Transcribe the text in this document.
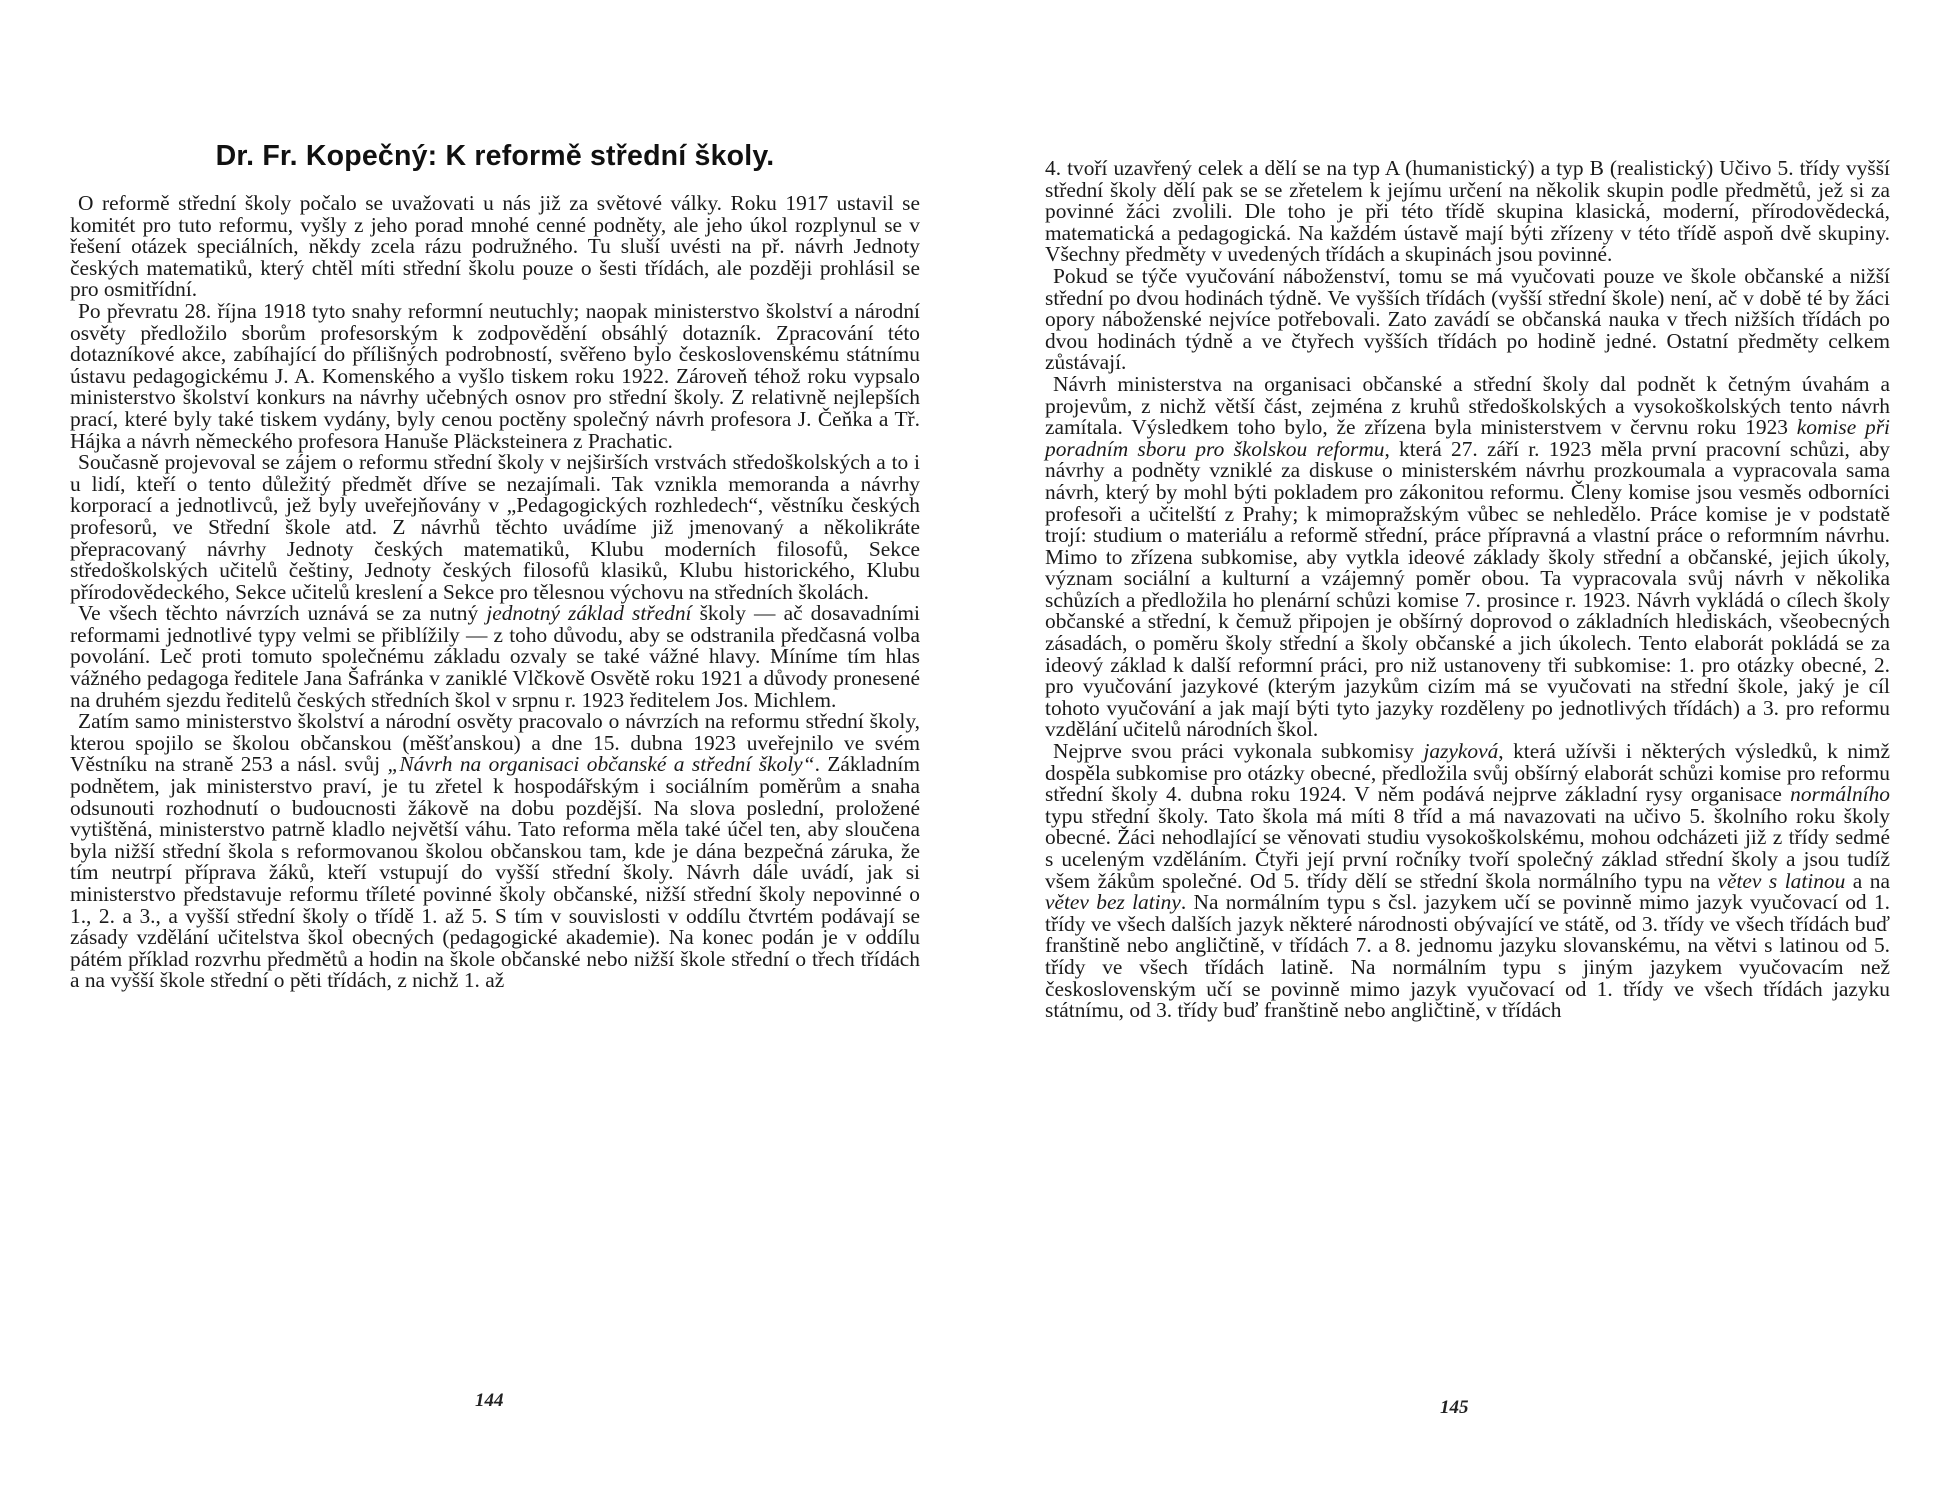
Dr. Fr. Kopečný: K reformě střední školy.

O reformě střední školy počalo se uvažovati u nás již za světové války. Roku 1917 ustavil se komitét pro tuto reformu, vyšly z jeho porad mnohé cenné podněty, ale jeho úkol rozplynul se v řešení otázek speciálních, někdy zcela rázu podružného. Tu sluší uvésti na př. návrh Jednoty českých matematiků, který chtěl míti střední školu pouze o šesti třídách, ale později prohlásil se pro osmitřídní.

Po převratu 28. října 1918 tyto snahy reformní neutuchly; naopak ministerstvo školství a národní osvěty předložilo sborům profesorským k zodpovědění obsáhlý dotazník. Zpracování této dotazníkové akce, zabíhající do přílišných podrobností, svěřeno bylo československému státnímu ústavu pedagogickému J. A. Komenského a vyšlo tiskem roku 1922. Zároveň téhož roku vypsalo ministerstvo školství konkurs na návrhy učebných osnov pro střední školy. Z relativně nejlepších prací, které byly také tiskem vydány, byly cenou poctěny společný návrh profesora J. Čeňka a Tř. Hájka a návrh německého profesora Hanuše Pläcksteinera z Prachatic.

Současně projevoval se zájem o reformu střední školy v nejširších vrstvách středoškolských a to i u lidí, kteří o tento důležitý předmět dříve se nezajímali. Tak vznikla memoranda a návrhy korporací a jednotlivců, jež byly uveřejňovány v „Pedagogických rozhledech“, věstníku českých profesorů, ve Střední škole atd. Z návrhů těchto uvádíme již jmenovaný a několikráte přepracovaný návrhy Jednoty českých matematiků, Klubu moderních filosofů, Sekce středoškolských učitelů češtiny, Jednoty českých filosofů klasiků, Klubu historického, Klubu přírodovědeckého, Sekce učitelů kreslení a Sekce pro tělesnou výchovu na středních školách.

Ve všech těchto návrzích uznává se za nutný jednotný základ střední školy — ač dosavadními reformami jednotlivé typy velmi se přiblížily — z toho důvodu, aby se odstranila předčasná volba povolání. Leč proti tomuto společnému základu ozvaly se také vážné hlavy. Míníme tím hlas vážného pedagoga ředitele Jana Šafránka v zaniklé Vlčkově Osvětě roku 1921 a důvody pronesené na druhém sjezdu ředitelů českých středních škol v srpnu r. 1923 ředitelem Jos. Michlem.

Zatím samo ministerstvo školství a národní osvěty pracovalo o návrzích na reformu střední školy, kterou spojilo se školou občanskou (měšťanskou) a dne 15. dubna 1923 uveřejnilo ve svém Věstníku na straně 253 a násl. svůj „Návrh na organisaci občanské a střední školy“. Základním podnětem, jak ministerstvo praví, je tu zřetel k hospodářským i sociálním poměrům a snaha odsunouti rozhodnutí o budoucnosti žákově na dobu pozdější. Na slova poslední, proložené vytištěná, ministerstvo patrně kladlo největší váhu. Tato reforma měla také účel ten, aby sloučena byla nižší střední škola s reformovanou školou občanskou tam, kde je dána bezpečná záruka, že tím neutrpí příprava žáků, kteří vstupují do vyšší střední školy. Návrh dále uvádí, jak si ministerstvo představuje reformu tříleté povinné školy občanské, nižší střední školy nepovinné o 1., 2. a 3., a vyšší střední školy o třídě 1. až 5. S tím v souvislosti v oddílu čtvrtém podávají se zásady vzdělání učitelstva škol obecných (pedagogické akademie). Na konec podán je v oddílu pátém příklad rozvrhu předmětů a hodin na škole občanské nebo nižší škole střední o třech třídách a na vyšší škole střední o pěti třídách, z nichž 1. až

144

4. tvoří uzavřený celek a dělí se na typ A (humanistický) a typ B (realistický) Učivo 5. třídy vyšší střední školy dělí pak se se zřetelem k jejímu určení na několik skupin podle předmětů, jež si za povinné žáci zvolili. Dle toho je při této třídě skupina klasická, moderní, přírodovědecká, matematická a pedagogická. Na každém ústavě mají býti zřízeny v této třídě aspoň dvě skupiny. Všechny předměty v uvedených třídách a skupinách jsou povinné.

Pokud se týče vyučování náboženství, tomu se má vyučovati pouze ve škole občanské a nižší střední po dvou hodinách týdně. Ve vyšších třídách (vyšší střední škole) není, ač v době té by žáci opory náboženské nejvíce potřebovali. Zato zavádí se občanská nauka v třech nižších třídách po dvou hodinách týdně a ve čtyřech vyšších třídách po hodině jedné. Ostatní předměty celkem zůstávají.

Návrh ministerstva na organisaci občanské a střední školy dal podnět k četným úvahám a projevům, z nichž větší část, zejména z kruhů středoškolských a vysokoškolských tento návrh zamítala. Výsledkem toho bylo, že zřízena byla ministerstvem v červnu roku 1923 komise při poradním sboru pro školskou reformu, která 27. září r. 1923 měla první pracovní schůzi, aby návrhy a podněty vzniklé za diskuse o ministerském návrhu prozkoumala a vypracovala sama návrh, který by mohl býti pokladem pro zákonitou reformu. Členy komise jsou vesměs odborníci profesoři a učitelští z Prahy; k mimopražským vůbec se nehledělo. Práce komise je v podstatě trojí: studium o materiálu a reformě střední, práce přípravná a vlastní práce o reformním návrhu. Mimo to zřízena subkomise, aby vytkla ideové základy školy střední a občanské, jejich úkoly, význam sociální a kulturní a vzájemný poměr obou. Ta vypracovala svůj návrh v několika schůzích a předložila ho plenární schůzi komise 7. prosince r. 1923. Návrh vykládá o cílech školy občanské a střední, k čemuž připojen je obšírný doprovod o základních hlediskách, všeobecných zásadách, o poměru školy střední a školy občanské a jich úkolech. Tento elaborát pokládá se za ideový základ k další reformní práci, pro niž ustanoveny tři subkomise: 1. pro otázky obecné, 2. pro vyučování jazykové (kterým jazykům cizím má se vyučovati na střední škole, jaký je cíl tohoto vyučování a jak mají býti tyto jazyky rozděleny po jednotlivých třídách) a 3. pro reformu vzdělání učitelů národních škol.

Nejprve svou práci vykonala subkomisy jazyková, která užívši i některých výsledků, k nimž dospěla subkomise pro otázky obecné, předložila svůj obšírný elaborát schůzi komise pro reformu střední školy 4. dubna roku 1924. V něm podává nejprve základní rysy organisace normálního typu střední školy. Tato škola má míti 8 tříd a má navazovati na učivo 5. školního roku školy obecné. Žáci nehodlající se věnovati studiu vysokoškolskému, mohou odcházeti již z třídy sedmé s uceleným vzděláním. Čtyři její první ročníky tvoří společný základ střední školy a jsou tudíž všem žákům společné. Od 5. třídy dělí se střední škola normálního typu na větev s latinou a na větev bez latiny. Na normálním typu s čsl. jazykem učí se povinně mimo jazyk vyučovací od 1. třídy ve všech dalších jazyk některé národnosti obývající ve státě, od 3. třídy ve všech třídách buď franštině nebo angličtině, v třídách 7. a 8. jednomu jazyku slovanskému, na větvi s latinou od 5. třídy ve všech třídách latině. Na normálním typu s jiným jazykem vyučovacím než československým učí se povinně mimo jazyk vyučovací od 1. třídy ve všech třídách jazyku státnímu, od 3. třídy buď franštině nebo angličtině, v třídách

145
